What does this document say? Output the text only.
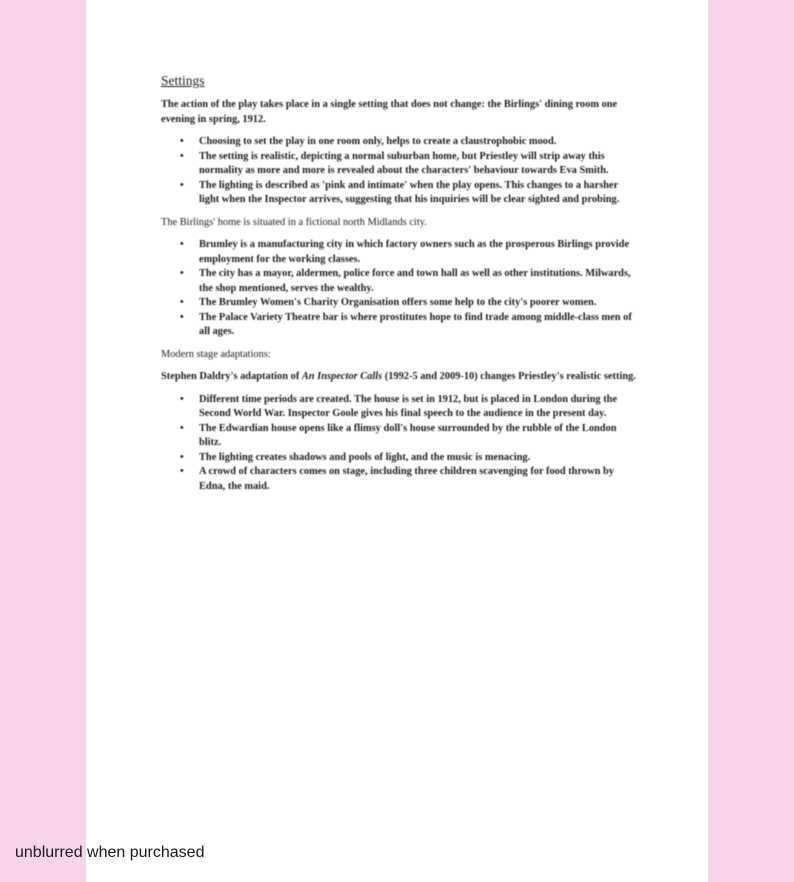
Settings

The action of the play takes place in a single setting that does not change: the Birlings' dining room one evening in spring, 1912.

• Choosing to set the play in one room only, helps to create a claustrophobic mood.
• The setting is realistic, depicting a normal suburban home, but Priestley will strip away this normality as more and more is revealed about the characters' behaviour towards Eva Smith.
• The lighting is described as 'pink and intimate' when the play opens. This changes to a harsher light when the Inspector arrives, suggesting that his inquiries will be clear sighted and probing.

The Birlings' home is situated in a fictional north Midlands city.

• Brumley is a manufacturing city in which factory owners such as the prosperous Birlings provide employment for the working classes.
• The city has a mayor, aldermen, police force and town hall as well as other institutions. Milwards, the shop mentioned, serves the wealthy.
• The Brumley Women's Charity Organisation offers some help to the city's poorer women.
• The Palace Variety Theatre bar is where prostitutes hope to find trade among middle-class men of all ages.

Modern stage adaptations:

Stephen Daldry's adaptation of An Inspector Calls (1992-5 and 2009-10) changes Priestley's realistic setting.

• Different time periods are created. The house is set in 1912, but is placed in London during the Second World War. Inspector Goole gives his final speech to the audience in the present day.
• The Edwardian house opens like a flimsy doll's house surrounded by the rubble of the London blitz.
• The lighting creates shadows and pools of light, and the music is menacing.
• A crowd of characters comes on stage, including three children scavenging for food thrown by Edna, the maid.
unblurred when purchased
